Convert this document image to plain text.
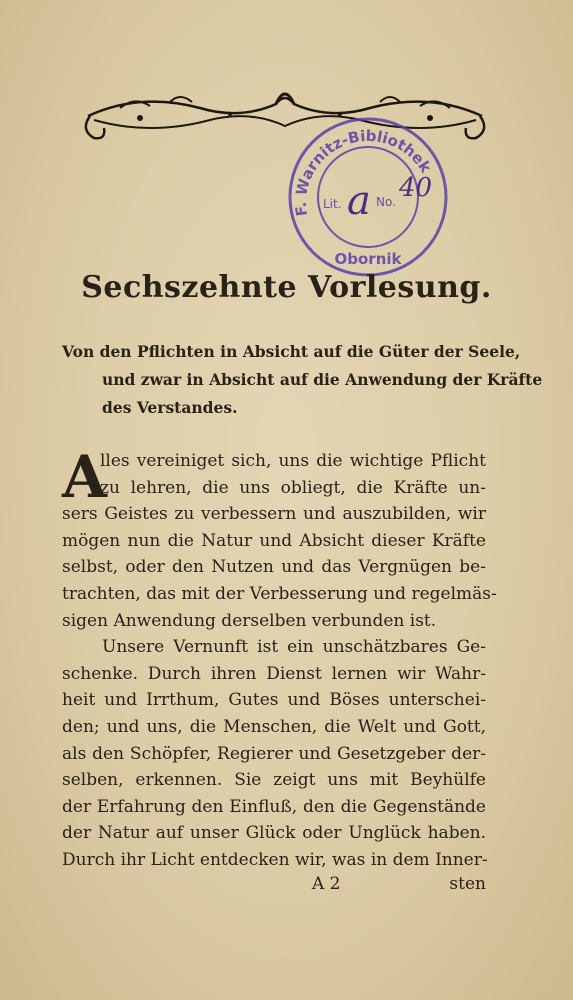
F. Warnitz-Bibliothek
Obornik
Lit. a No. 40
Sechszehnte Vorlesung.
Von den Pflichten in Absicht auf die Güter der Seele,
und zwar in Absicht auf die Anwendung der Kräfte
des Verstandes.
A
lles vereiniget sich, uns die wichtige Pflicht
zu lehren, die uns obliegt, die Kräfte un-
sers Geistes zu verbessern und auszubilden, wir
mögen nun die Natur und Absicht dieser Kräfte
selbst, oder den Nutzen und das Vergnügen be-
trachten, das mit der Verbesserung und regelmäs-
sigen Anwendung derselben verbunden ist.
Unsere Vernunft ist ein unschätzbares Ge-
schenke. Durch ihren Dienst lernen wir Wahr-
heit und Irrthum, Gutes und Böses unterschei-
den; und uns, die Menschen, die Welt und Gott,
als den Schöpfer, Regierer und Gesetzgeber der-
selben, erkennen. Sie zeigt uns mit Beyhülfe
der Erfahrung den Einfluß, den die Gegenstände
der Natur auf unser Glück oder Unglück haben.
Durch ihr Licht entdecken wir, was in dem Inner-
A 2	sten
